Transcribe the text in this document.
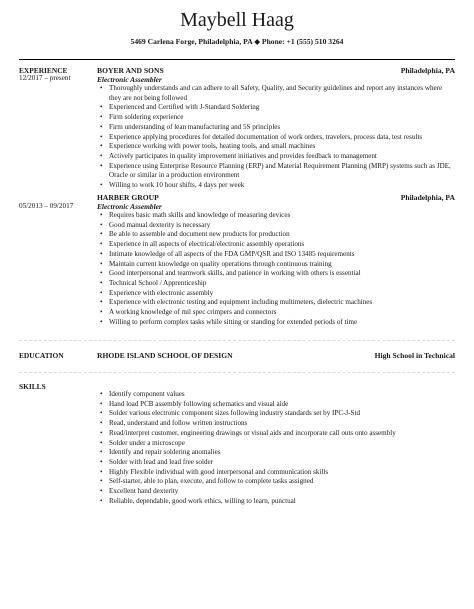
Maybell Haag
5469 Carlena Forge, Philadelphia, PA ◆ Phone: +1 (555) 510 3264
EXPERIENCE
12/2017 – present
BOYER AND SONS	Philadelphia, PA
Electronic Assembler
• Thoroughly understands and can adhere to all Safety, Quality, and Security guidelines and report any instances where they are not being followed
• Experienced and Certified with J-Standard Soldering
• Firm soldering experience
• Firm understanding of lean manufacturing and 5S principles
• Experience applying procedures for detailed documentation of work orders, travelers, process data, test results
• Experience working with power tools, heating tools, and small machines
• Actively participates in quality improvement initiatives and provides feedback to management
• Experience using Enterprise Resource Planning (ERP) and Material Requirement Planning (MRP) systems such as JDE, Oracle or similar in a production environment
• Willing to work 10 hour shifts, 4 days per week
05/2013 – 09/2017
HARBER GROUP	Philadelphia, PA
Electronic Assembler
• Requires basic math skills and knowledge of measuring devices
• Good manual dexterity is necessary
• Be able to assemble and document new products for production
• Experience in all aspects of electrical/electronic assembly operations
• Intimate knowledge of all aspects of the FDA GMP/QSR and ISO 13485 requirements
• Maintain current knowledge on quality operations through continuous training
• Good interpersonal and teamwork skills, and patience in working with others is essential
• Technical School / Apprenticeship
• Experience with electronic assembly
• Experience with electronic testing and equipment including multimeters, dielectric machines
• A working knowledge of mil spec crimpers and connectors
• Willing to perform complex tasks while sitting or standing for extended periods of time
EDUCATION	RHODE ISLAND SCHOOL OF DESIGN	High School in Technical
SKILLS
• Identify component values
• Hand load PCB assembly following schematics and visual aide
• Solder various electronic component sizes following industry standards set by IPC-J-Std
• Read, understand and follow written instructions
• Read/interpret customer, engineering drawings or visual aids and incorporate call outs onto assembly
• Solder under a microscope
• Identify and repair soldering anomalies
• Solder with lead and lead free solder
• Highly Flexible individual with good interpersonal and communication skills
• Self-starter, able to plan, execute, and follow to complete tasks assigned
• Excellent hand dexterity
• Reliable, dependable, good work ethics, willing to learn, punctual
